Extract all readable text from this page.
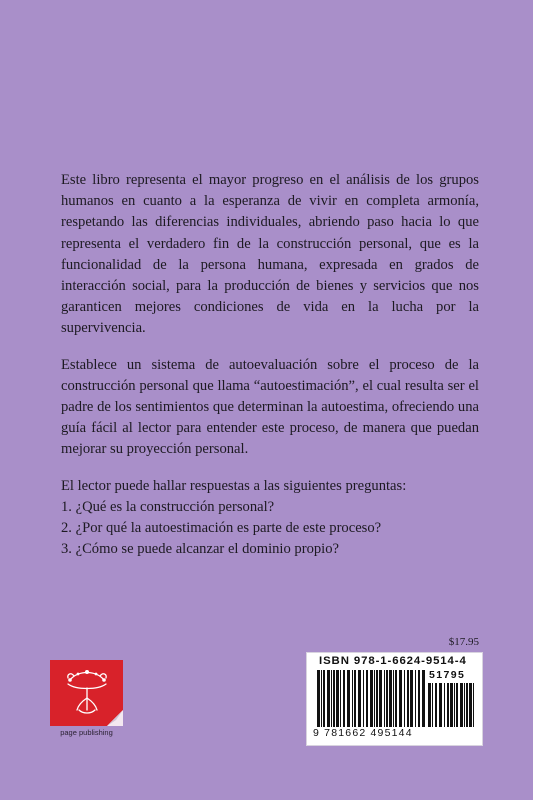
Este libro representa el mayor progreso en el análisis de los grupos humanos en cuanto a la esperanza de vivir en completa armonía, respetando las diferencias individuales, abriendo paso hacia lo que representa el verdadero fin de la construcción personal, que es la funcionalidad de la persona humana, expresada en grados de interacción social, para la producción de bienes y servicios que nos garanticen mejores condiciones de vida en la lucha por la supervivencia.

Establece un sistema de autoevaluación sobre el proceso de la construcción personal que llama “autoestimación”, el cual resulta ser el padre de los sentimientos que determinan la autoestima, ofreciendo una guía fácil al lector para entender este proceso, de manera que puedan mejorar su proyección personal.

El lector puede hallar respuestas a las siguientes preguntas:

1. ¿Qué es la construcción personal?
2. ¿Por qué la autoestimación es parte de este proceso?
3. ¿Cómo se puede alcanzar el dominio propio?
$17.95
ISBN 978-1-6624-9514-4
51795
9 781662 495144
page publishing
